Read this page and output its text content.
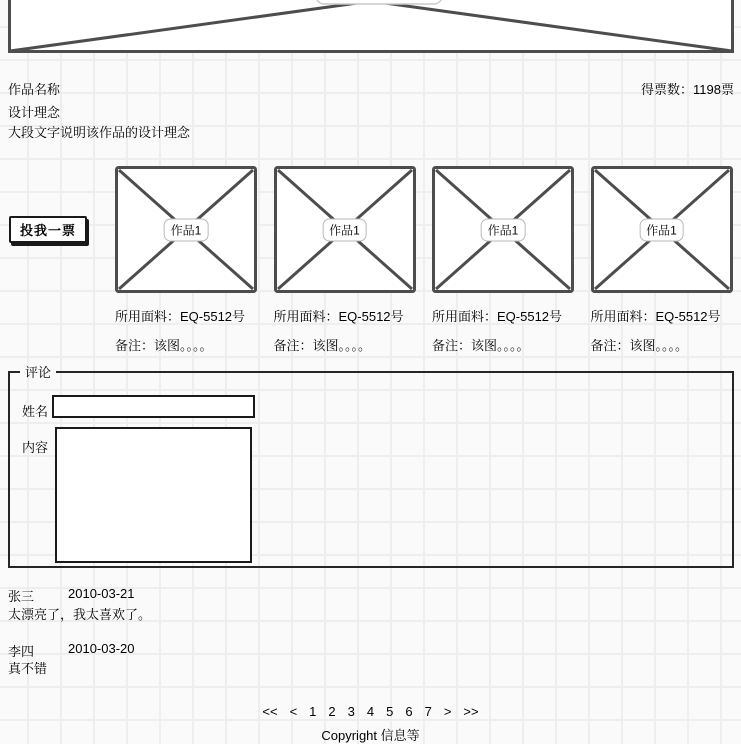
作品名称	得票数：1198票
设计理念
大段文字说明该作品的设计理念
投我一票	作品1
所用面料：EQ-5512号
备注：该图。。。。
作品1
所用面料：EQ-5512号
备注：该图。。。。
作品1
所用面料：EQ-5512号
备注：该图。。。。
作品1
所用面料：EQ-5512号
备注：该图。。。。
评论
姓名
内容
张三	2010-03-21
太漂亮了，我太喜欢了。
李四	2010-03-20
真不错
<< < 1 2 3 4 5 6 7 > >>
Copyright 信息等
